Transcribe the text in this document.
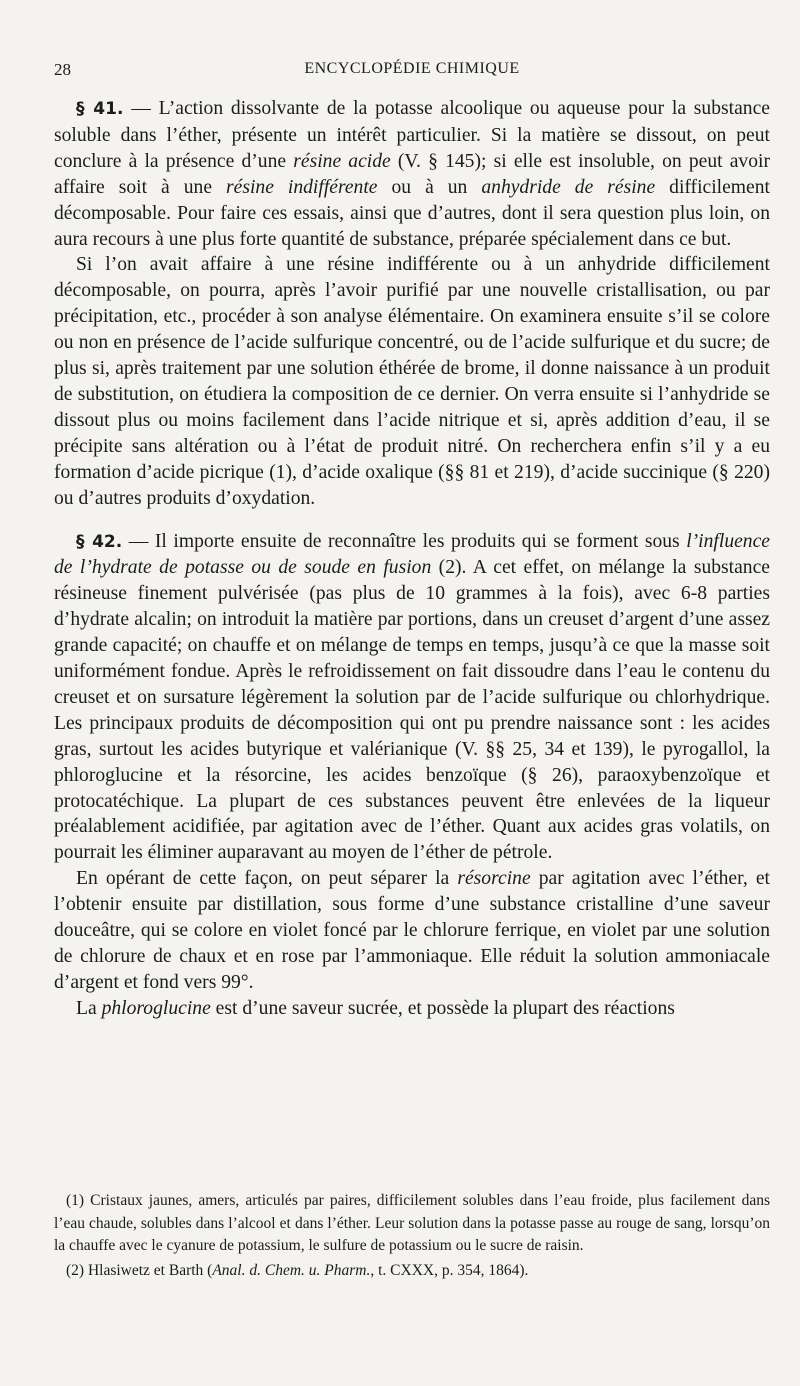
28	ENCYCLOPÉDIE CHIMIQUE

§ 41. — L’action dissolvante de la potasse alcoolique ou aqueuse pour la substance soluble dans l’éther, présente un intérêt particulier. Si la matière se dissout, on peut conclure à la présence d’une résine acide (V. § 145); si elle est insoluble, on peut avoir affaire soit à une résine indifférente ou à un anhydride de résine difficilement décomposable. Pour faire ces essais, ainsi que d’autres, dont il sera question plus loin, on aura recours à une plus forte quantité de substance, préparée spécialement dans ce but.

Si l’on avait affaire à une résine indifférente ou à un anhydride difficilement décomposable, on pourra, après l’avoir purifié par une nouvelle cristallisation, ou par précipitation, etc., procéder à son analyse élémentaire. On examinera ensuite s’il se colore ou non en présence de l’acide sulfurique concentré, ou de l’acide sulfurique et du sucre; de plus si, après traitement par une solution éthérée de brome, il donne naissance à un produit de substitution, on étudiera la composition de ce dernier. On verra ensuite si l’anhydride se dissout plus ou moins facilement dans l’acide nitrique et si, après addition d’eau, il se précipite sans altération ou à l’état de produit nitré. On recherchera enfin s’il y a eu formation d’acide picrique (1), d’acide oxalique (§§ 81 et 219), d’acide succinique (§ 220) ou d’autres produits d’oxydation.

§ 42. — Il importe ensuite de reconnaître les produits qui se forment sous l’influence de l’hydrate de potasse ou de soude en fusion (2). A cet effet, on mélange la substance résineuse finement pulvérisée (pas plus de 10 grammes à la fois), avec 6-8 parties d’hydrate alcalin; on introduit la matière par portions, dans un creuset d’argent d’une assez grande capacité; on chauffe et on mélange de temps en temps, jusqu’à ce que la masse soit uniformément fondue. Après le refroidissement on fait dissoudre dans l’eau le contenu du creuset et on sursature légèrement la solution par de l’acide sulfurique ou chlorhydrique. Les principaux produits de décomposition qui ont pu prendre naissance sont : les acides gras, surtout les acides butyrique et valérianique (V. §§ 25, 34 et 139), le pyrogallol, la phloroglucine et la résorcine, les acides benzoïque (§ 26), paraoxybenzoïque et protocatéchique. La plupart de ces substances peuvent être enlevées de la liqueur préalablement acidifiée, par agitation avec de l’éther. Quant aux acides gras volatils, on pourrait les éliminer auparavant au moyen de l’éther de pétrole.

En opérant de cette façon, on peut séparer la résorcine par agitation avec l’éther, et l’obtenir ensuite par distillation, sous forme d’une substance cristalline d’une saveur douceâtre, qui se colore en violet foncé par le chlorure ferrique, en violet par une solution de chlorure de chaux et en rose par l’ammoniaque. Elle réduit la solution ammoniacale d’argent et fond vers 99°.

La phloroglucine est d’une saveur sucrée, et possède la plupart des réactions

(1) Cristaux jaunes, amers, articulés par paires, difficilement solubles dans l’eau froide, plus facilement dans l’eau chaude, solubles dans l’alcool et dans l’éther. Leur solution dans la potasse passe au rouge de sang, lorsqu’on la chauffe avec le cyanure de potassium, le sulfure de potassium ou le sucre de raisin.

(2) Hlasiwetz et Barth (Anal. d. Chem. u. Pharm., t. CXXX, p. 354, 1864).
